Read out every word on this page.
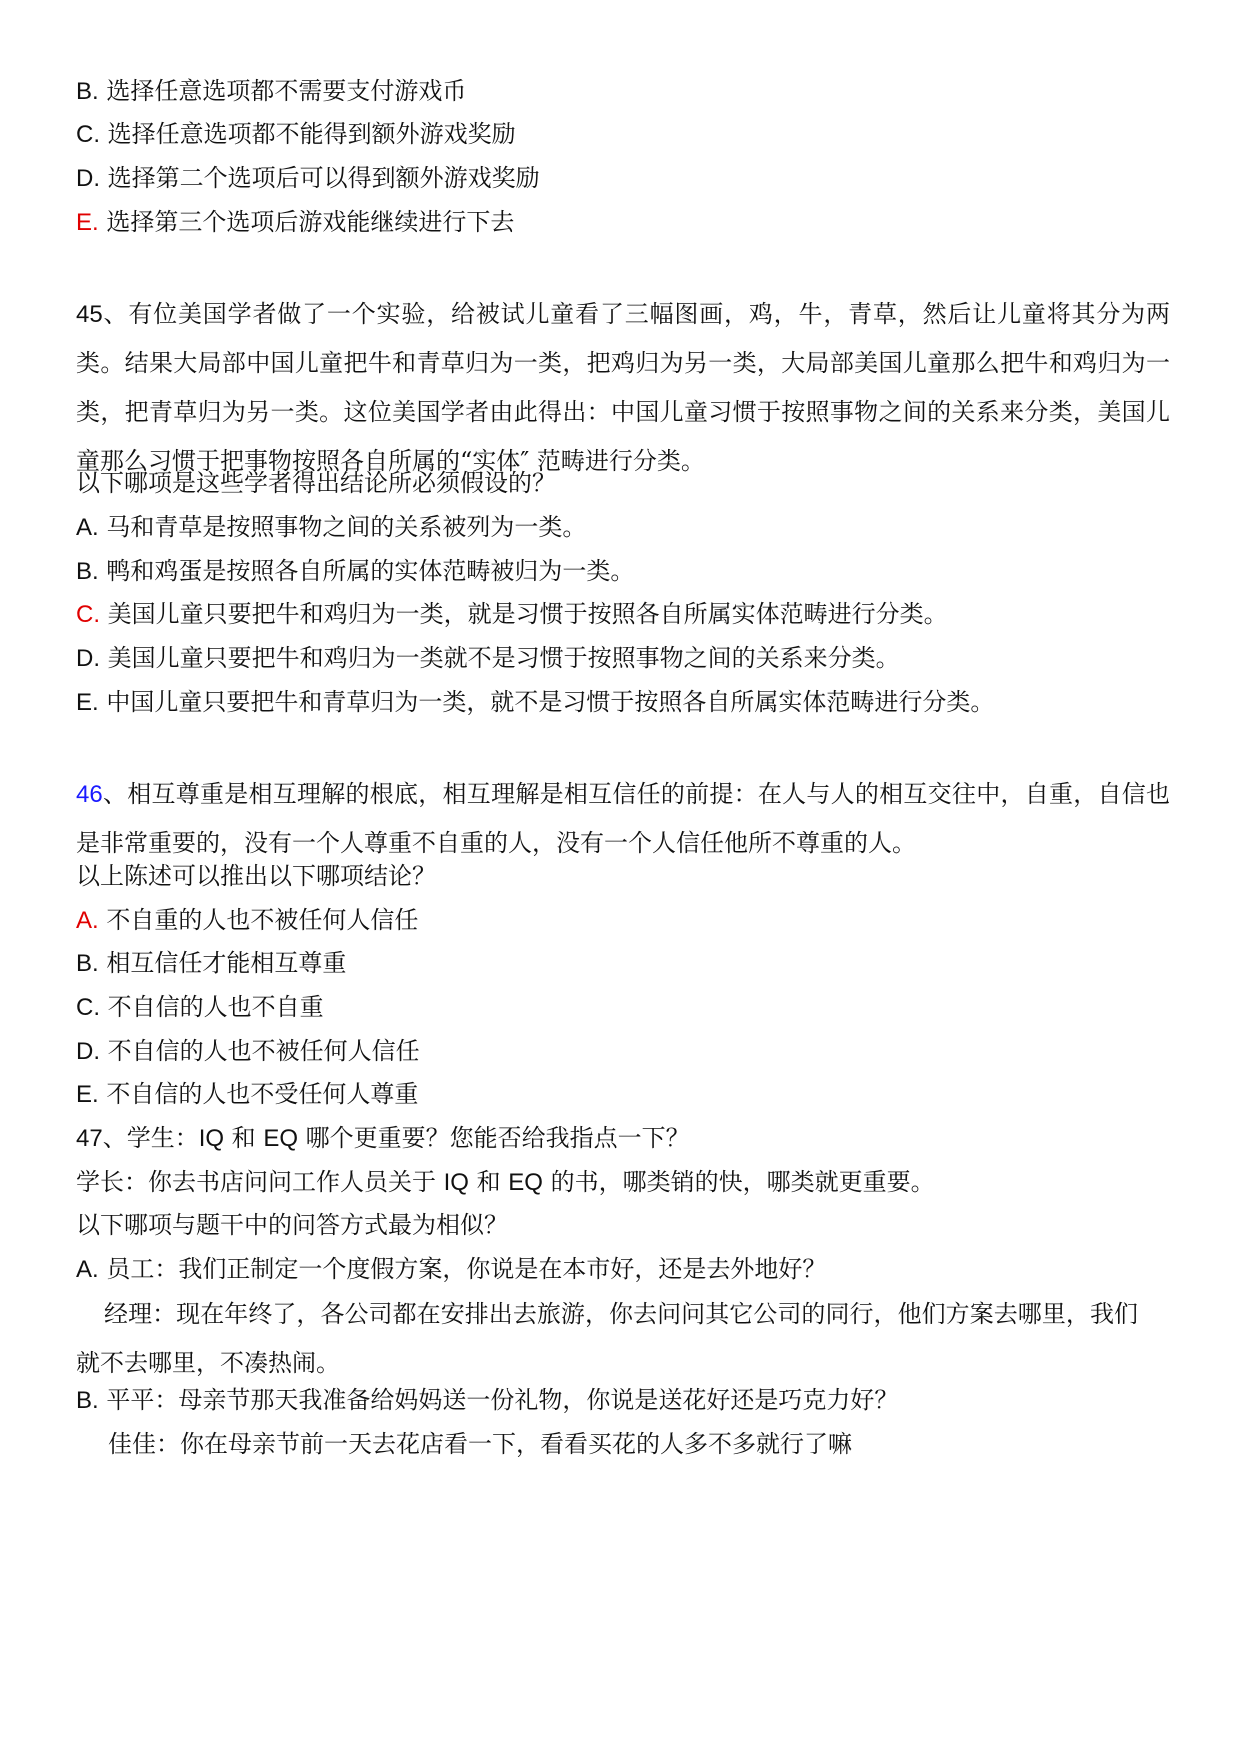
B. 选择任意选项都不需要支付游戏币
C. 选择任意选项都不能得到额外游戏奖励
D. 选择第二个选项后可以得到额外游戏奖励
E. 选择第三个选项后游戏能继续进行下去
45、有位美国学者做了一个实验，给被试儿童看了三幅图画，鸡，牛，青草，然后让儿童将其分为两类。结果大局部中国儿童把牛和青草归为一类，把鸡归为另一类，大局部美国儿童那么把牛和鸡归为一类，把青草归为另一类。这位美国学者由此得出：中国儿童习惯于按照事物之间的关系来分类，美国儿童那么习惯于把事物按照各自所属的“实体″ 范畴进行分类。
以下哪项是这些学者得出结论所必须假设的？
A. 马和青草是按照事物之间的关系被列为一类。
B. 鸭和鸡蛋是按照各自所属的实体范畴被归为一类。
C. 美国儿童只要把牛和鸡归为一类，就是习惯于按照各自所属实体范畴进行分类。
D. 美国儿童只要把牛和鸡归为一类就不是习惯于按照事物之间的关系来分类。
E. 中国儿童只要把牛和青草归为一类，就不是习惯于按照各自所属实体范畴进行分类。
46、相互尊重是相互理解的根底，相互理解是相互信任的前提：在人与人的相互交往中，自重，自信也是非常重要的，没有一个人尊重不自重的人，没有一个人信任他所不尊重的人。
以上陈述可以推出以下哪项结论？
A. 不自重的人也不被任何人信任
B. 相互信任才能相互尊重
C. 不自信的人也不自重
D. 不自信的人也不被任何人信任
E. 不自信的人也不受任何人尊重
47、学生：IQ 和 EQ 哪个更重要？您能否给我指点一下？
学长：你去书店问问工作人员关于 IQ 和 EQ 的书，哪类销的快，哪类就更重要。
以下哪项与题干中的问答方式最为相似？
A. 员工：我们正制定一个度假方案，你说是在本市好，还是去外地好？
经理：现在年终了，各公司都在安排出去旅游，你去问问其它公司的同行，他们方案去哪里，我们就不去哪里，不凑热闹。
B. 平平：母亲节那天我准备给妈妈送一份礼物，你说是送花好还是巧克力好？
佳佳：你在母亲节前一天去花店看一下，看看买花的人多不多就行了嘛
